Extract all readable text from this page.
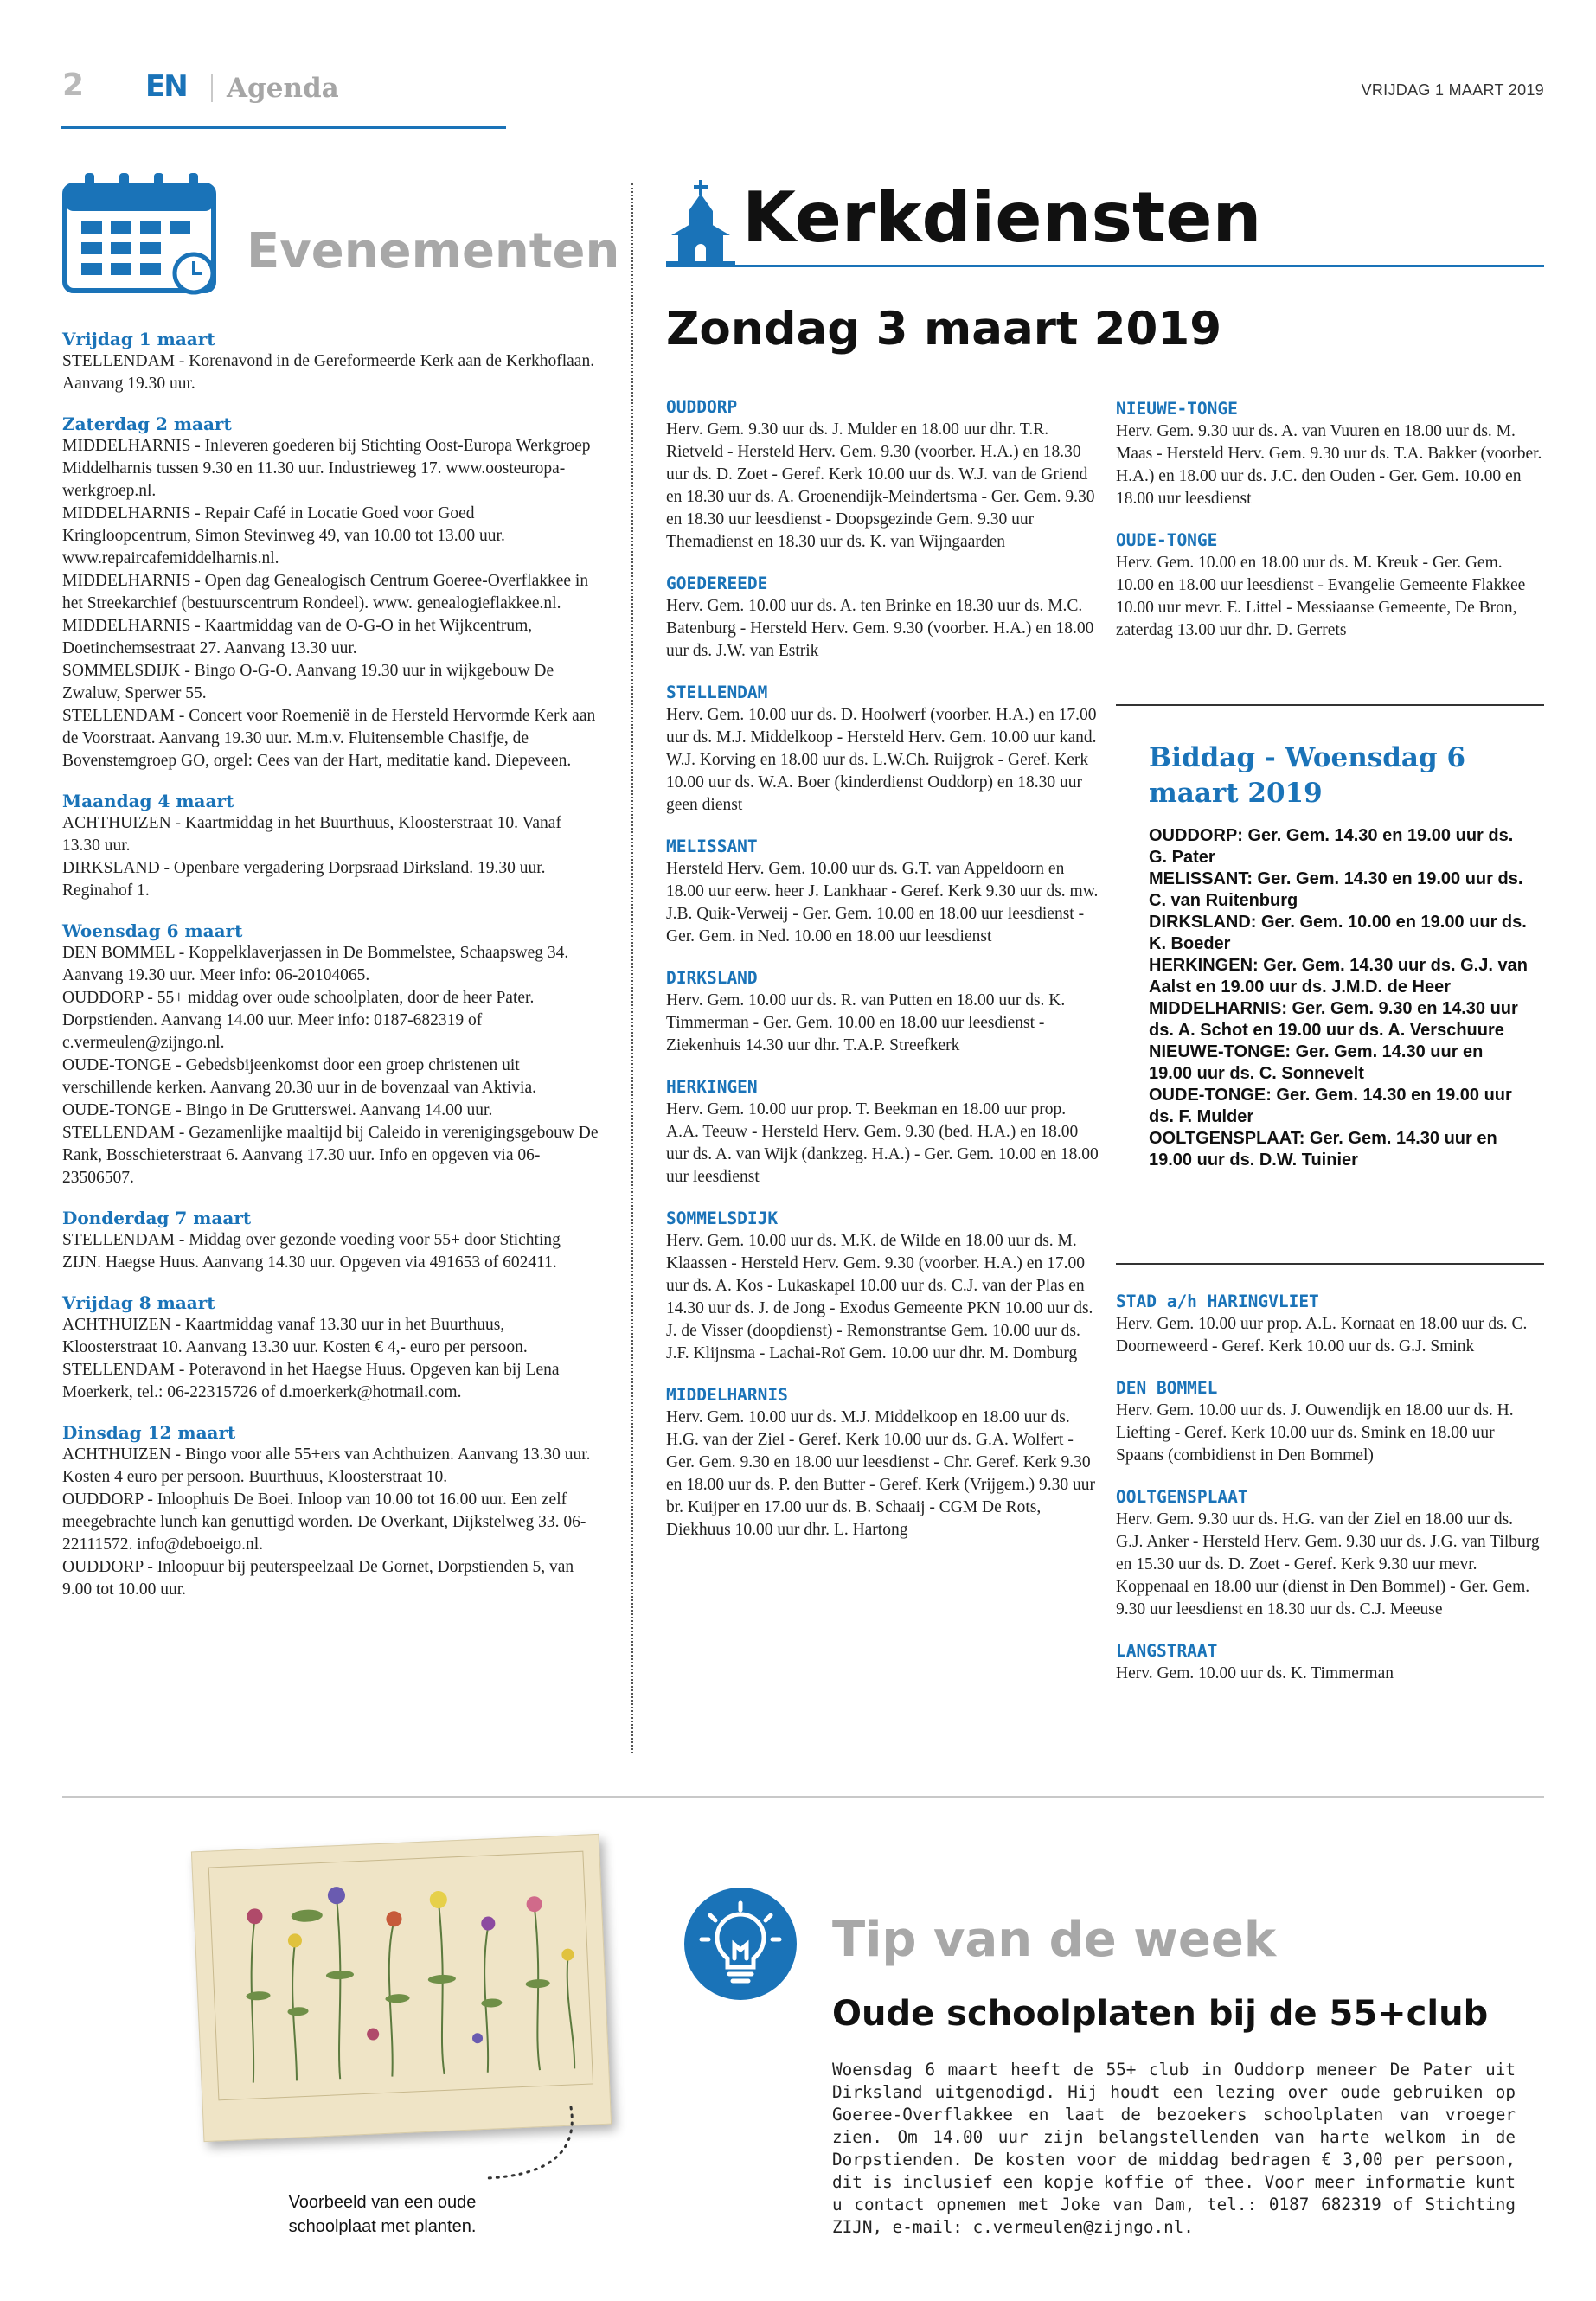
2 EN Agenda	VRIJDAG 1 MAART 2019
Evenementen
Vrijdag 1 maart
STELLENDAM - Korenavond in de Gereformeerde Kerk aan de Kerkhoflaan. Aanvang 19.30 uur.
Zaterdag 2 maart
MIDDELHARNIS - Inleveren goederen bij Stichting Oost-Europa Werkgroep Middelharnis tussen 9.30 en 11.30 uur. Industrieweg 17. www.oosteuropa-werkgroep.nl.
MIDDELHARNIS - Repair Café in Locatie Goed voor Goed Kringloopcentrum, Simon Stevinweg 49, van 10.00 tot 13.00 uur. www.repaircafemiddelharnis.nl.
MIDDELHARNIS - Open dag Genealogisch Centrum Goeree-Overflakkee in het Streekarchief (bestuurscentrum Rondeel). www. genealogieflakkee.nl.
MIDDELHARNIS - Kaartmiddag van de O-G-O in het Wijkcentrum, Doetinchemsestraat 27. Aanvang 13.30 uur.
SOMMELSDIJK - Bingo O-G-O. Aanvang 19.30 uur in wijkgebouw De Zwaluw, Sperwer 55.
STELLENDAM - Concert voor Roemenië in de Hersteld Hervormde Kerk aan de Voorstraat. Aanvang 19.30 uur. M.m.v. Fluitensemble Chasifje, de Bovenstemgroep GO, orgel: Cees van der Hart, meditatie kand. Diepeveen.
Maandag 4 maart
ACHTHUIZEN - Kaartmiddag in het Buurthuus, Kloosterstraat 10. Vanaf 13.30 uur.
DIRKSLAND - Openbare vergadering Dorpsraad Dirksland. 19.30 uur. Reginahof 1.
Woensdag 6 maart
DEN BOMMEL - Koppelklaverjassen in De Bommelstee, Schaapsweg 34. Aanvang 19.30 uur. Meer info: 06-20104065.
OUDDORP - 55+ middag over oude schoolplaten, door de heer Pater. Dorpstienden. Aanvang 14.00 uur. Meer info: 0187-682319 of c.vermeulen@zijngo.nl.
OUDE-TONGE - Gebedsbijeenkomst door een groep christenen uit verschillende kerken. Aanvang 20.30 uur in de bovenzaal van Aktivia.
OUDE-TONGE - Bingo in De Grutterswei. Aanvang 14.00 uur.
STELLENDAM - Gezamenlijke maaltijd bij Caleido in verenigingsgebouw De Rank, Bosschieterstraat 6. Aanvang 17.30 uur. Info en opgeven via 06-23506507.
Donderdag 7 maart
STELLENDAM - Middag over gezonde voeding voor 55+ door Stichting ZIJN. Haegse Huus. Aanvang 14.30 uur. Opgeven via 491653 of 602411.
Vrijdag 8 maart
ACHTHUIZEN - Kaartmiddag vanaf 13.30 uur in het Buurthuus, Kloosterstraat 10. Aanvang 13.30 uur. Kosten € 4,- euro per persoon.
STELLENDAM - Poteravond in het Haegse Huus. Opgeven kan bij Lena Moerkerk, tel.: 06-22315726 of d.moerkerk@hotmail.com.
Dinsdag 12 maart
ACHTHUIZEN - Bingo voor alle 55+ers van Achthuizen. Aanvang 13.30 uur. Kosten 4 euro per persoon. Buurthuus, Kloosterstraat 10.
OUDDORP - Inloophuis De Boei. Inloop van 10.00 tot 16.00 uur. Een zelf meegebrachte lunch kan genuttigd worden. De Overkant, Dijkstelweg 33. 06-22111572. info@deboeigo.nl.
OUDDORP - Inloopuur bij peuterspeelzaal De Gornet, Dorpstienden 5, van 9.00 tot 10.00 uur.
Kerkdiensten
Zondag 3 maart 2019
OUDDORP
Herv. Gem. 9.30 uur ds. J. Mulder en 18.00 uur dhr. T.R. Rietveld - Hersteld Herv. Gem. 9.30 (voorber. H.A.) en 18.30 uur ds. D. Zoet - Geref. Kerk 10.00 uur ds. W.J. van de Griend en 18.30 uur ds. A. Groenendijk-Meindertsma - Ger. Gem. 9.30 en 18.30 uur leesdienst - Doopsgezinde Gem. 9.30 uur Themadienst en 18.30 uur ds. K. van Wijngaarden
GOEDEREEDE
Herv. Gem. 10.00 uur ds. A. ten Brinke en 18.30 uur ds. M.C. Batenburg - Hersteld Herv. Gem. 9.30 (voorber. H.A.) en 18.00 uur ds. J.W. van Estrik
STELLENDAM
Herv. Gem. 10.00 uur ds. D. Hoolwerf (voorber. H.A.) en 17.00 uur ds. M.J. Middelkoop - Hersteld Herv. Gem. 10.00 uur kand. W.J. Korving en 18.00 uur ds. L.W.Ch. Ruijgrok - Geref. Kerk 10.00 uur ds. W.A. Boer (kinderdienst Ouddorp) en 18.30 uur geen dienst
MELISSANT
Hersteld Herv. Gem. 10.00 uur ds. G.T. van Appeldoorn en 18.00 uur eerw. heer J. Lankhaar - Geref. Kerk 9.30 uur ds. mw. J.B. Quik-Verweij - Ger. Gem. 10.00 en 18.00 uur leesdienst - Ger. Gem. in Ned. 10.00 en 18.00 uur leesdienst
DIRKSLAND
Herv. Gem. 10.00 uur ds. R. van Putten en 18.00 uur ds. K. Timmerman - Ger. Gem. 10.00 en 18.00 uur leesdienst - Ziekenhuis 14.30 uur dhr. T.A.P. Streefkerk
HERKINGEN
Herv. Gem. 10.00 uur prop. T. Beekman en 18.00 uur prop. A.A. Teeuw - Hersteld Herv. Gem. 9.30 (bed. H.A.) en 18.00 uur ds. A. van Wijk (dankzeg. H.A.) - Ger. Gem. 10.00 en 18.00 uur leesdienst
SOMMELSDIJK
Herv. Gem. 10.00 uur ds. M.K. de Wilde en 18.00 uur ds. M. Klaassen - Hersteld Herv. Gem. 9.30 (voorber. H.A.) en 17.00 uur ds. A. Kos - Lukaskapel 10.00 uur ds. C.J. van der Plas en 14.30 uur ds. J. de Jong - Exodus Gemeente PKN 10.00 uur ds. J. de Visser (doopdienst) - Remonstrantse Gem. 10.00 uur ds. J.F. Klijnsma - Lachai-Roï Gem. 10.00 uur dhr. M. Domburg
MIDDELHARNIS
Herv. Gem. 10.00 uur ds. M.J. Middelkoop en 18.00 uur ds. H.G. van der Ziel - Geref. Kerk 10.00 uur ds. G.A. Wolfert - Ger. Gem. 9.30 en 18.00 uur leesdienst - Chr. Geref. Kerk 9.30 en 18.00 uur ds. P. den Butter - Geref. Kerk (Vrijgem.) 9.30 uur br. Kuijper en 17.00 uur ds. B. Schaaij - CGM De Rots, Diekhuus 10.00 uur dhr. L. Hartong
NIEUWE-TONGE
Herv. Gem. 9.30 uur ds. A. van Vuuren en 18.00 uur ds. M. Maas - Hersteld Herv. Gem. 9.30 uur ds. T.A. Bakker (voorber. H.A.) en 18.00 uur ds. J.C. den Ouden - Ger. Gem. 10.00 en 18.00 uur leesdienst
OUDE-TONGE
Herv. Gem. 10.00 en 18.00 uur ds. M. Kreuk - Ger. Gem. 10.00 en 18.00 uur leesdienst - Evangelie Gemeente Flakkee 10.00 uur mevr. E. Littel - Messiaanse Gemeente, De Bron, zaterdag 13.00 uur dhr. D. Gerrets
Biddag - Woensdag 6 maart 2019
OUDDORP: Ger. Gem. 14.30 en 19.00 uur ds. G. Pater
MELISSANT: Ger. Gem. 14.30 en 19.00 uur ds. C. van Ruitenburg
DIRKSLAND: Ger. Gem. 10.00 en 19.00 uur ds. K. Boeder
HERKINGEN: Ger. Gem. 14.30 uur ds. G.J. van Aalst en 19.00 uur ds. J.M.D. de Heer
MIDDELHARNIS: Ger. Gem. 9.30 en 14.30 uur ds. A. Schot en 19.00 uur ds. A. Verschuure
NIEUWE-TONGE: Ger. Gem. 14.30 uur en 19.00 uur ds. C. Sonnevelt
OUDE-TONGE: Ger. Gem. 14.30 en 19.00 uur ds. F. Mulder
OOLTGENSPLAAT: Ger. Gem. 14.30 uur en 19.00 uur ds. D.W. Tuinier
STAD a/h HARINGVLIET
Herv. Gem. 10.00 uur prop. A.L. Kornaat en 18.00 uur ds. C. Doorneweerd - Geref. Kerk 10.00 uur ds. G.J. Smink
DEN BOMMEL
Herv. Gem. 10.00 uur ds. J. Ouwendijk en 18.00 uur ds. H. Liefting - Geref. Kerk 10.00 uur ds. Smink en 18.00 uur Spaans (combidienst in Den Bommel)
OOLTGENSPLAAT
Herv. Gem. 9.30 uur ds. H.G. van der Ziel en 18.00 uur ds. G.J. Anker - Hersteld Herv. Gem. 9.30 uur ds. J.G. van Tilburg en 15.30 uur ds. D. Zoet - Geref. Kerk 9.30 uur mevr. Koppenaal en 18.00 uur (dienst in Den Bommel) - Ger. Gem. 9.30 uur leesdienst en 18.30 uur ds. C.J. Meeuse
LANGSTRAAT
Herv. Gem. 10.00 uur ds. K. Timmerman
Voorbeeld van een oude schoolplaat met planten.
Tip van de week
Oude schoolplaten bij de 55+club
Woensdag 6 maart heeft de 55+ club in Ouddorp meneer De Pater uit Dirksland uitgenodigd. Hij houdt een lezing over oude gebruiken op Goeree-Overflakkee en laat de bezoekers schoolplaten van vroeger zien. Om 14.00 uur zijn belangstellenden van harte welkom in de Dorpstienden. De kosten voor de middag bedragen € 3,00 per persoon, dit is inclusief een kopje koffie of thee. Voor meer informatie kunt u contact opnemen met Joke van Dam, tel.: 0187 682319 of Stichting ZIJN, e-mail: c.vermeulen@zijngo.nl.
